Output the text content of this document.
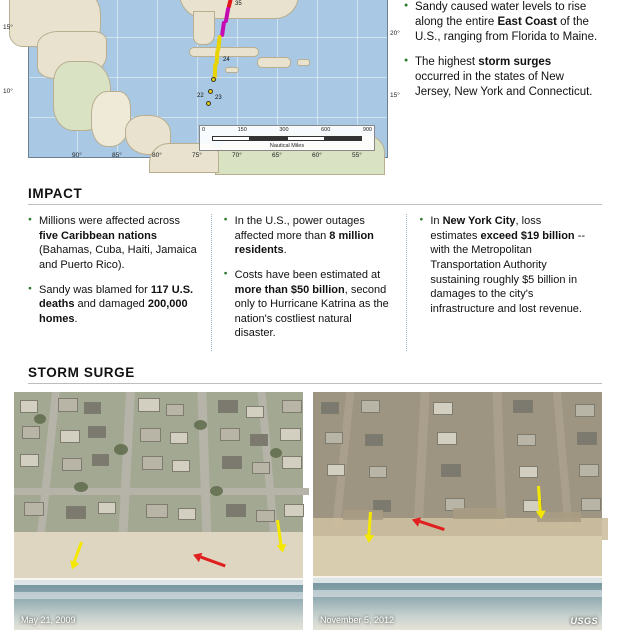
35
24
23
22
0	150	300	600	900
Nautical Miles
15°
10°
20°
15°
90°	85°	80°	75°	70°	65°	60°	55°
● Sandy caused water levels to rise along the entire East Coast of the U.S., ranging from Florida to Maine.
● The highest storm surges occurred in the states of New Jersey, New York and Connecticut.
IMPACT
● Millions were affected across five Caribbean nations (Bahamas, Cuba, Haiti, Jamaica and Puerto Rico).
● Sandy was blamed for 117 U.S. deaths and damaged 200,000 homes.
● In the U.S., power outages affected more than 8 million residents.
● Costs have been estimated at more than $50 billion, second only to Hurricane Katrina as the nation's costliest natural disaster.
● In New York City, loss estimates exceed $19 billion -- with the Metropolitan Transportation Authority sustaining roughly $5 billion in damages to the city's infrastructure and lost revenue.
STORM SURGE
May 21, 2009	November 5, 2012	USGS
